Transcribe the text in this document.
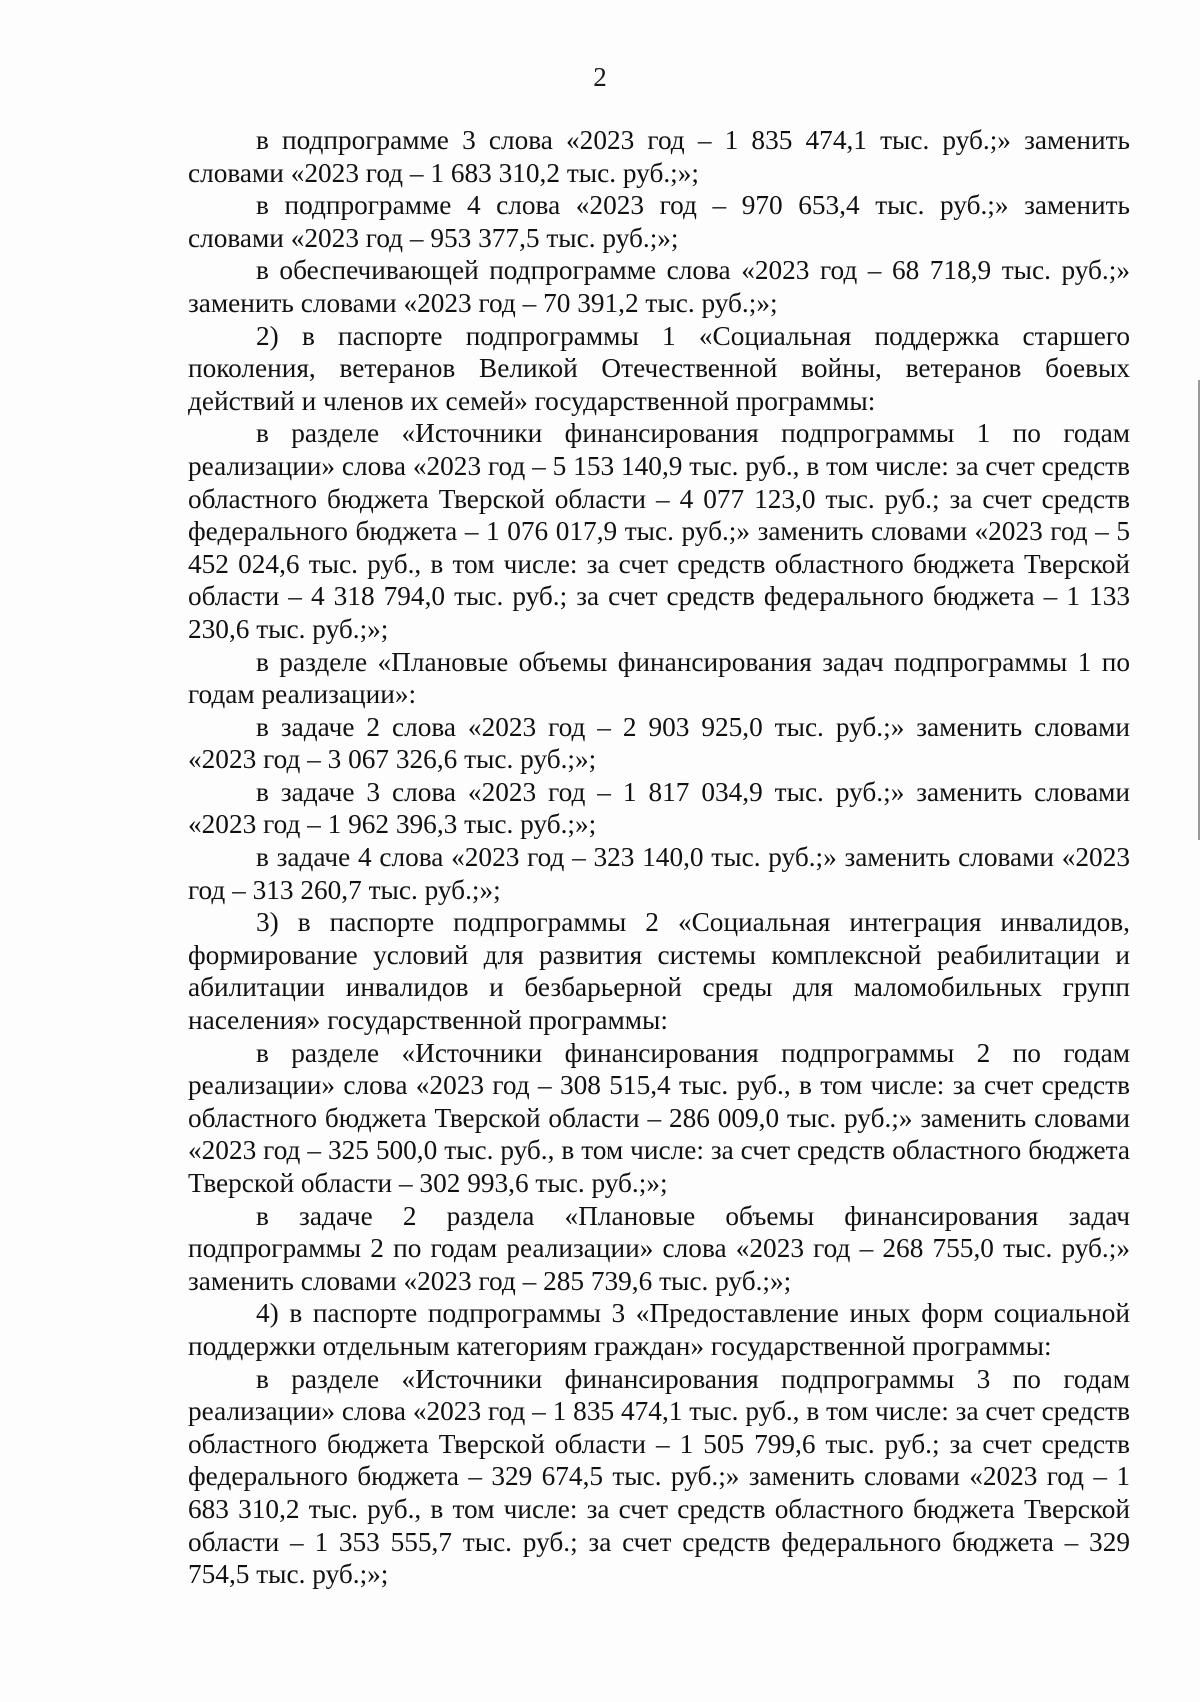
2

в подпрограмме 3 слова «2023 год – 1 835 474,1 тыс. руб.;» заменить словами «2023 год – 1 683 310,2 тыс. руб.;»;

в подпрограмме 4 слова «2023 год – 970 653,4 тыс. руб.;» заменить словами «2023 год – 953 377,5 тыс. руб.;»;

в обеспечивающей подпрограмме слова «2023 год – 68 718,9 тыс. руб.;» заменить словами «2023 год – 70 391,2 тыс. руб.;»;

2) в паспорте подпрограммы 1 «Социальная поддержка старшего поколения, ветеранов Великой Отечественной войны, ветеранов боевых действий и членов их семей» государственной программы:

в разделе «Источники финансирования подпрограммы 1 по годам реализации» слова «2023 год – 5 153 140,9 тыс. руб., в том числе: за счет средств областного бюджета Тверской области – 4 077 123,0 тыс. руб.; за счет средств федерального бюджета – 1 076 017,9 тыс. руб.;» заменить словами «2023 год – 5 452 024,6 тыс. руб., в том числе: за счет средств областного бюджета Тверской области – 4 318 794,0 тыс. руб.; за счет средств федерального бюджета – 1 133 230,6 тыс. руб.;»;

в разделе «Плановые объемы финансирования задач подпрограммы 1 по годам реализации»:

в задаче 2 слова «2023 год – 2 903 925,0 тыс. руб.;» заменить словами «2023 год – 3 067 326,6 тыс. руб.;»;

в задаче 3 слова «2023 год – 1 817 034,9 тыс. руб.;» заменить словами «2023 год – 1 962 396,3 тыс. руб.;»;

в задаче 4 слова «2023 год – 323 140,0 тыс. руб.;» заменить словами «2023 год – 313 260,7 тыс. руб.;»;

3) в паспорте подпрограммы 2 «Социальная интеграция инвалидов, формирование условий для развития системы комплексной реабилитации и абилитации инвалидов и безбарьерной среды для маломобильных групп населения» государственной программы:

в разделе «Источники финансирования подпрограммы 2 по годам реализации» слова «2023 год – 308 515,4 тыс. руб., в том числе: за счет средств областного бюджета Тверской области – 286 009,0 тыс. руб.;» заменить словами «2023 год – 325 500,0 тыс. руб., в том числе: за счет средств областного бюджета Тверской области – 302 993,6 тыс. руб.;»;

в задаче 2 раздела «Плановые объемы финансирования задач подпрограммы 2 по годам реализации» слова «2023 год – 268 755,0 тыс. руб.;» заменить словами «2023 год – 285 739,6 тыс. руб.;»;

4) в паспорте подпрограммы 3 «Предоставление иных форм социальной поддержки отдельным категориям граждан» государственной программы:

в разделе «Источники финансирования подпрограммы 3 по годам реализации» слова «2023 год – 1 835 474,1 тыс. руб., в том числе: за счет средств областного бюджета Тверской области – 1 505 799,6 тыс. руб.; за счет средств федерального бюджета – 329 674,5 тыс. руб.;» заменить словами «2023 год – 1 683 310,2 тыс. руб., в том числе: за счет средств областного бюджета Тверской области – 1 353 555,7 тыс. руб.; за счет средств федерального бюджета – 329 754,5 тыс. руб.;»;
